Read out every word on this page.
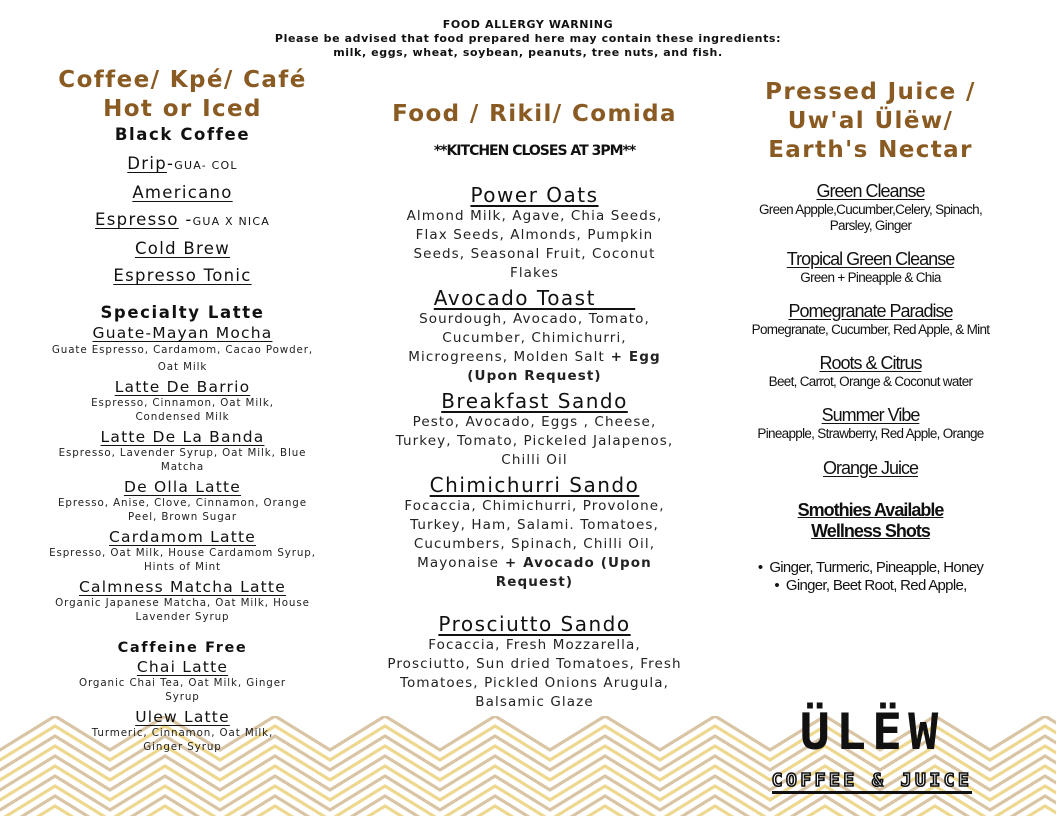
FOOD ALLERGY WARNING
Please be advised that food prepared here may contain these ingredients:
milk, eggs, wheat, soybean, peanuts, tree nuts, and fish.
Coffee/ Kpé/ Café
Hot or Iced
Black Coffee
Drip-GUA- COL
Americano
Espresso -GUA X NICA
Cold Brew
Espresso Tonic
Specialty Latte
Guate-Mayan Mocha
Guate Espresso, Cardamom, Cacao Powder, Oat Milk
Latte De Barrio
Espresso, Cinnamon, Oat Milk, Condensed Milk
Latte De La Banda
Espresso, Lavender Syrup, Oat Milk, Blue Matcha
De Olla Latte
Epresso, Anise, Clove, Cinnamon, Orange Peel, Brown Sugar
Cardamom Latte
Espresso, Oat Milk, House Cardamom Syrup, Hints of Mint
Calmness Matcha Latte
Organic Japanese Matcha, Oat Milk, House Lavender Syrup
Caffeine Free
Chai Latte
Organic Chai Tea, Oat Milk, Ginger Syrup
Ulew Latte
Turmeric, Cinnamon, Oat Milk, Ginger Syrup
Food / Rikil/ Comida
**KITCHEN CLOSES AT 3PM**
Power Oats
Almond Milk, Agave, Chia Seeds, Flax Seeds, Almonds, Pumpkin Seeds, Seasonal Fruit, Coconut Flakes
Avocado Toast
Sourdough, Avocado, Tomato, Cucumber, Chimichurri, Microgreens, Molden Salt + Egg (Upon Request)
Breakfast Sando
Pesto, Avocado, Eggs , Cheese, Turkey, Tomato, Pickeled Jalapenos, Chilli Oil
Chimichurri Sando
Focaccia, Chimichurri, Provolone, Turkey, Ham, Salami. Tomatoes, Cucumbers, Spinach, Chilli Oil, Mayonaise + Avocado (Upon Request)
Prosciutto Sando
Focaccia, Fresh Mozzarella, Prosciutto, Sun dried Tomatoes, Fresh Tomatoes, Pickled Onions Arugula, Balsamic Glaze
Pressed Juice /
Uw'al Ülëw/
Earth's Nectar
Green Cleanse
Green Appple,Cucumber,Celery, Spinach, Parsley, Ginger
Tropical Green Cleanse
Green + Pineapple & Chia
Pomegranate Paradise
Pomegranate, Cucumber, Red Apple, & Mint
Roots & Citrus
Beet, Carrot, Orange & Coconut water
Summer Vibe
Pineapple, Strawberry, Red Apple, Orange
Orange Juice
Smothies Available
Wellness Shots
•  Ginger, Turmeric, Pineapple, Honey
•  Ginger, Beet Root, Red Apple,
ÜLËW
COFFEE & JUICE
